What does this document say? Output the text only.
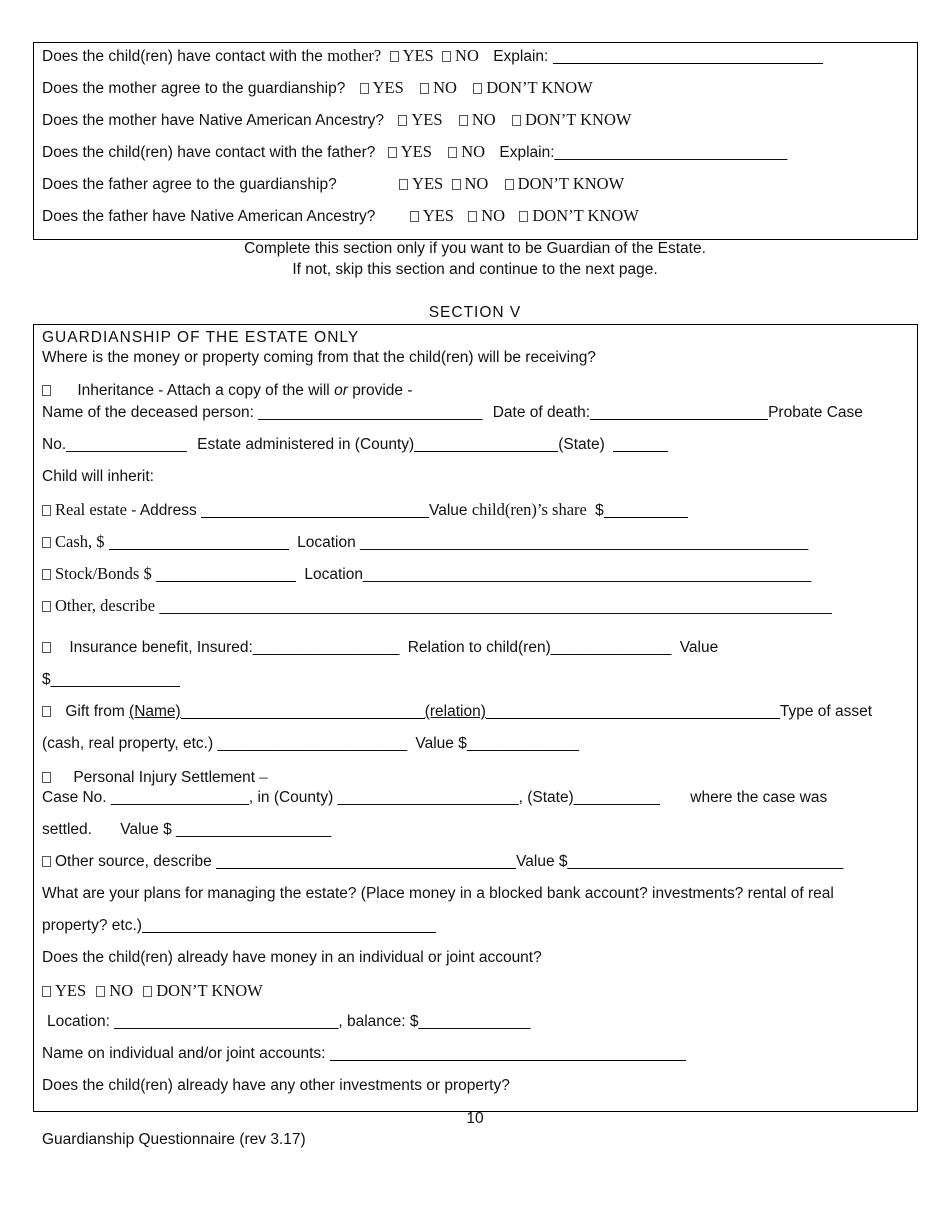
Does the child(ren) have contact with the mother? YES NO Explain:
Does the mother agree to the guardianship? YES NO DON’T KNOW
Does the mother have Native American Ancestry? YES NO DON’T KNOW
Does the child(ren) have contact with the father? YES NO Explain:___________________________
Does the father agree to the guardianship?	YES NO DON’T KNOW
Does the father have Native American Ancestry?	YES NO DON’T KNOW
Complete this section only if you want to be Guardian of the Estate.
If not, skip this section and continue to the next page.
SECTION V
GUARDIANSHIP OF THE ESTATE ONLY
Where is the money or property coming from that the child(ren) will be receiving?
Inheritance - Attach a copy of the will or provide -
Name of the deceased person: __________________________ Date of death:	Probate Case
No.______________ Estate administered in (County)	(State)
Child will inherit:
Real estate - Address	Value child(ren)’s share $
Cash, $	Location ____________________________________________________
Stock/Bonds $	Location____________________________________________________
Other, describe ______________________________________________________________________________
Insurance benefit, Insured:_________________ Relation to child(ren)______________ Value
$_______________
Gift from (Name)	(relation)	Type of asset
(cash, real property, etc.) ______________________ Value $_____________
Personal Injury Settlement –
Case No. ________________, in (County) _____________________, (State)__________ where the case was
settled. Value $ __________________
Other source, describe	Value $________________________________
What are your plans for managing the estate? (Place money in a blocked bank account? investments? rental of real
property? etc.)
Does the child(ren) already have money in an individual or joint account?
YES NO DON’T KNOW
Location: __________________________, balance: $_____________
Name on individual and/or joint accounts:
Does the child(ren) already have any other investments or property?
10
Guardianship Questionnaire (rev 3.17)
